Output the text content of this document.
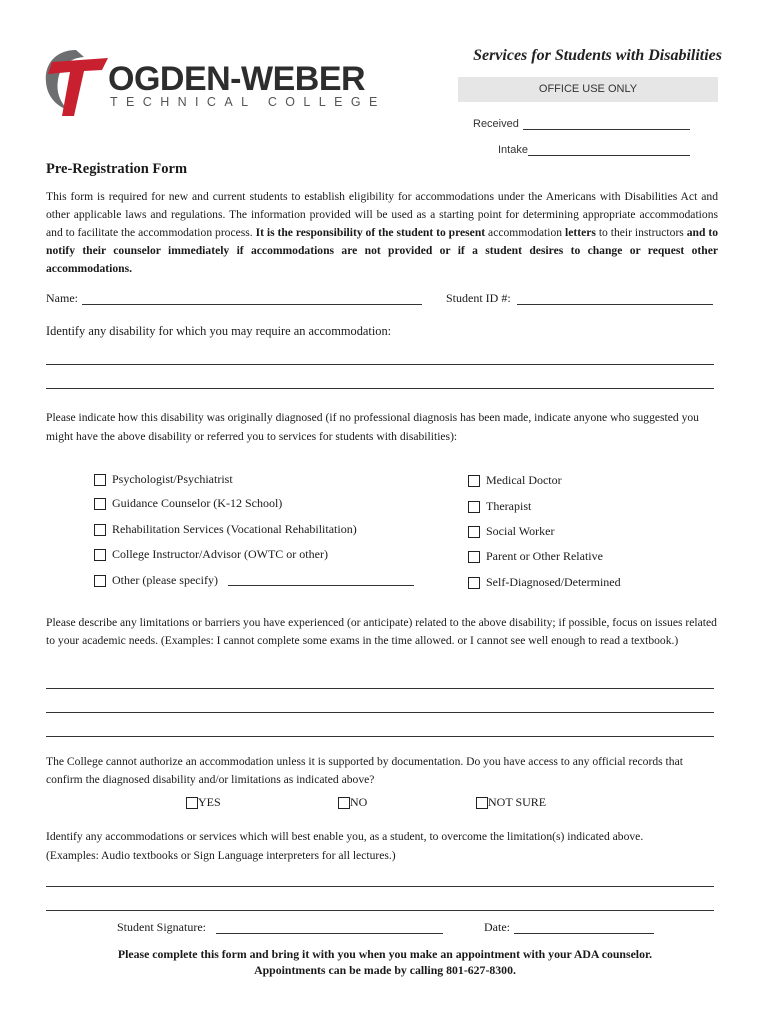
OGDEN-WEBER
TECHNICAL COLLEGE
Services for Students with Disabilities
OFFICE USE ONLY
Received
Intake
Pre-Registration Form
This form is required for new and current students to establish eligibility for accommodations under the Americans with Disabilities Act and other applicable laws and regulations. The information provided will be used as a starting point for determining appropriate accommodations and to facilitate the accommodation process. It is the responsibility of the student to present accommodation letters to their instructors and to notify their counselor immediately if accommodations are not provided or if a student desires to change or request other accommodations.
Name:	Student ID #:
Identify any disability for which you may require an accommodation:
Please indicate how this disability was originally diagnosed (if no professional diagnosis has been made, indicate anyone who suggested you might have the above disability or referred you to services for students with disabilities):
Psychologist/Psychiatrist
Guidance Counselor (K-12 School)
Rehabilitation Services (Vocational Rehabilitation)
College Instructor/Advisor (OWTC or other)
Other (please specify)
Medical Doctor
Therapist
Social Worker
Parent or Other Relative
Self-Diagnosed/Determined
Please describe any limitations or barriers you have experienced (or anticipate) related to the above disability; if possible, focus on issues related to your academic needs. (Examples: I cannot complete some exams in the time allowed. or I cannot see well enough to read a textbook.)
The College cannot authorize an accommodation unless it is supported by documentation. Do you have access to any official records that confirm the diagnosed disability and/or limitations as indicated above?
YES	NO	NOT SURE
Identify any accommodations or services which will best enable you, as a student, to overcome the limitation(s) indicated above.
(Examples: Audio textbooks or Sign Language interpreters for all lectures.)
Student Signature:	Date:
Please complete this form and bring it with you when you make an appointment with your ADA counselor.
Appointments can be made by calling 801-627-8300.
